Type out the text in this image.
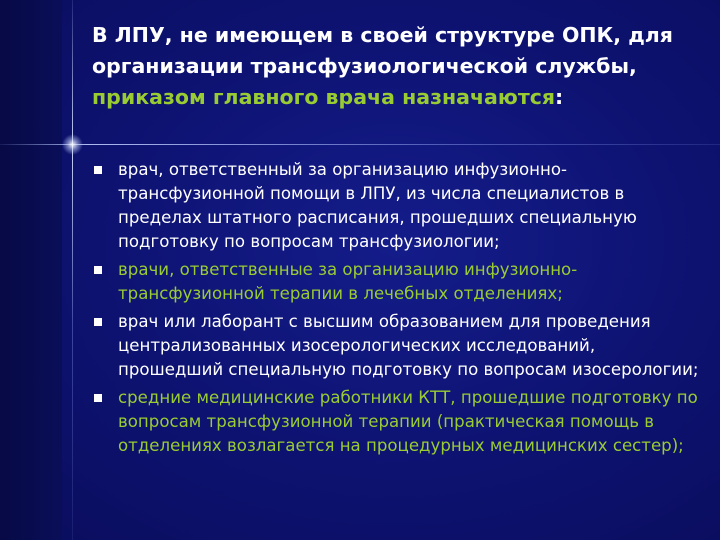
В ЛПУ, не имеющем в своей структуре ОПК, для организации трансфузиологической службы, приказом главного врача назначаются:
врач, ответственный за организацию инфузионно-трансфузионной помощи в ЛПУ, из числа специалистов в пределах штатного расписания, прошедших специальную подготовку по вопросам трансфузиологии;
врачи, ответственные за организацию инфузионно-трансфузионной терапии в лечебных отделениях;
врач или лаборант с высшим образованием для проведения централизованных изосерологических исследований, прошедший специальную подготовку по вопросам изосерологии;
средние медицинские работники КТТ, прошедшие подготовку по вопросам трансфузионной терапии (практическая помощь в отделениях возлагается на процедурных медицинских сестер);
